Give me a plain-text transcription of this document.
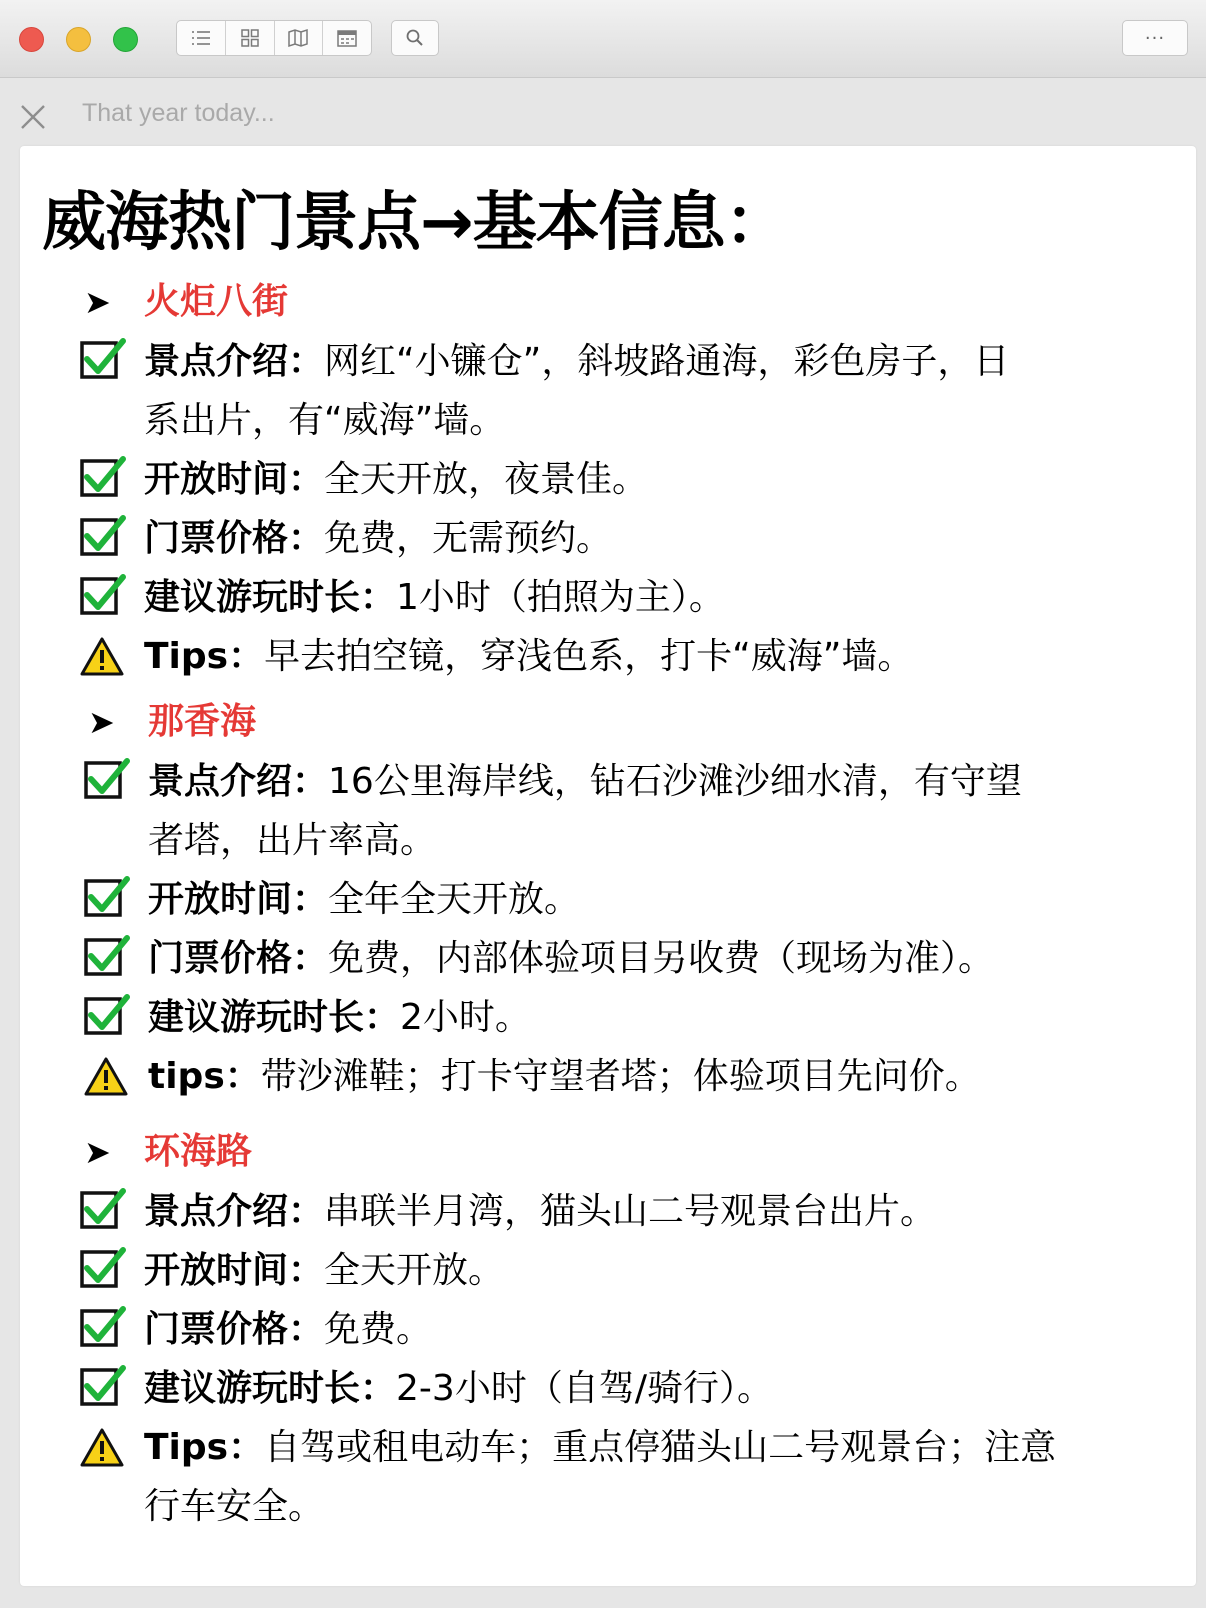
···
That year today...
威海热门景点→基本信息：
➤ 火炬八街
景点介绍：网红“小镰仓”，斜坡路通海，彩色房子，日
系出片，有“威海”墙。
开放时间：全天开放，夜景佳。
门票价格：免费，无需预约。
建议游玩时长：1小时（拍照为主）。
Tips：早去拍空镜，穿浅色系，打卡“威海”墙。
➤ 那香海
景点介绍：16公里海岸线，钻石沙滩沙细水清，有守望
者塔，出片率高。
开放时间：全年全天开放。
门票价格：免费，内部体验项目另收费（现场为准）。
建议游玩时长：2小时。
tips：带沙滩鞋；打卡守望者塔；体验项目先问价。
➤ 环海路
景点介绍：串联半月湾，猫头山二号观景台出片。
开放时间：全天开放。
门票价格：免费。
建议游玩时长：2-3小时（自驾/骑行）。
Tips：自驾或租电动车；重点停猫头山二号观景台；注意
行车安全。
